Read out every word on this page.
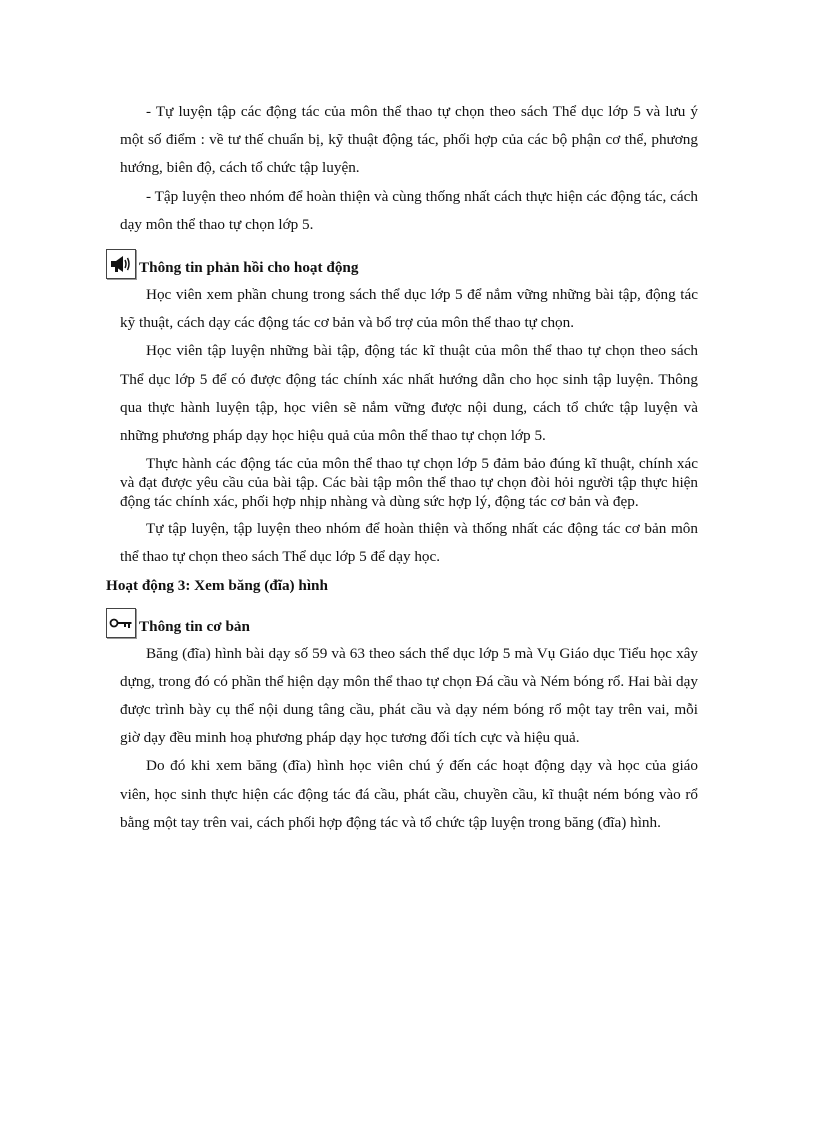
- Tự luyện tập các động tác của môn thể thao tự chọn theo sách Thể dục lớp 5 và lưu ý một số điểm : về tư thế chuẩn bị, kỹ thuật động tác, phối hợp của các bộ phận cơ thể, phương hướng, biên độ, cách tổ chức tập luyện.

- Tập luyện theo nhóm để hoàn thiện và cùng thống nhất cách thực hiện các động tác, cách dạy môn thể thao tự chọn lớp 5.

Thông tin phản hồi cho hoạt động

Học viên xem phần chung trong sách thể dục lớp 5 để nắm vững những bài tập, động tác kỹ thuật, cách dạy các động tác cơ bản và bổ trợ của môn thể thao tự chọn.

Học viên tập luyện những bài tập, động tác kĩ thuật của môn thể thao tự chọn theo sách Thể dục lớp 5 để có được động tác chính xác nhất hướng dẫn cho học sinh tập luyện. Thông qua thực hành luyện tập, học viên sẽ nắm vững được nội dung, cách tổ chức tập luyện và những phương pháp dạy học hiệu quả của môn thể thao tự chọn lớp 5.

Thực hành các động tác của môn thể thao tự chọn lớp 5 đảm bảo đúng kĩ thuật, chính xác và đạt được yêu cầu của bài tập. Các bài tập môn thể thao tự chọn đòi hỏi người tập thực hiện động tác chính xác, phối hợp nhịp nhàng và dùng sức hợp lý, động tác cơ bản và đẹp.

Tự tập luyện, tập luyện theo nhóm để hoàn thiện và thống nhất các động tác cơ bản môn thể thao tự chọn theo sách Thể dục lớp 5 để dạy học.

Hoạt động 3: Xem băng (đĩa) hình
Thông tin cơ bản

Băng (đĩa) hình bài dạy số 59 và 63 theo sách thể dục lớp 5 mà Vụ Giáo dục Tiểu học xây dựng, trong đó có phần thể hiện dạy môn thể thao tự chọn Đá cầu và Ném bóng rổ. Hai bài dạy được trình bày cụ thể nội dung tâng cầu, phát cầu và dạy ném bóng rổ một tay trên vai, mỗi giờ dạy đều minh hoạ phương pháp dạy học tương đối tích cực và hiệu quả.

Do đó khi xem băng (đĩa) hình học viên chú ý đến các hoạt động dạy và học của giáo viên, học sinh thực hiện các động tác đá cầu, phát cầu, chuyền cầu, kĩ thuật ném bóng vào rổ bằng một tay trên vai, cách phối hợp động tác và tổ chức tập luyện trong băng (đĩa) hình.
